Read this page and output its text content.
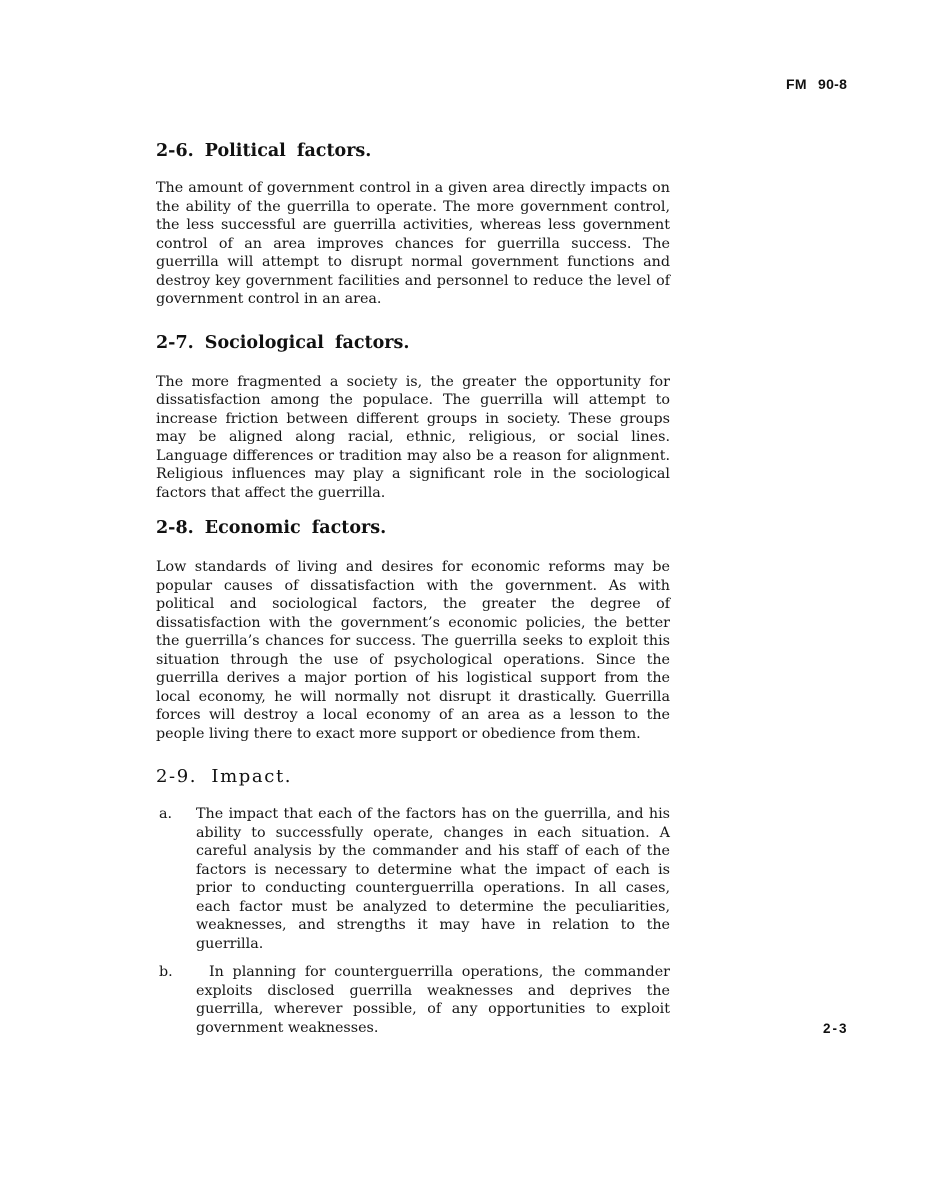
FM 90-8
2-6. Political factors.

The amount of government control in a given area directly impacts on the ability of the guerrilla to operate. The more government control, the less successful are guerrilla activities, whereas less government control of an area improves chances for guerrilla success. The guerrilla will attempt to disrupt normal government functions and destroy key government facilities and personnel to reduce the level of government control in an area.

2-7. Sociological factors.

The more fragmented a society is, the greater the opportunity for dissatisfaction among the populace. The guerrilla will attempt to increase friction between different groups in society. These groups may be aligned along racial, ethnic, religious, or social lines. Language differences or tradition may also be a reason for alignment. Religious influences may play a significant role in the sociological factors that affect the guerrilla.

2-8. Economic factors.

Low standards of living and desires for economic reforms may be popular causes of dissatisfaction with the government. As with political and sociological factors, the greater the degree of dissatisfaction with the government’s economic policies, the better the guerrilla’s chances for success. The guerrilla seeks to exploit this situation through the use of psychological operations. Since the guerrilla derives a major portion of his logistical support from the local economy, he will normally not disrupt it drastically. Guerrilla forces will destroy a local economy of an area as a lesson to the people living there to exact more support or obedience from them.

2-9. Impact.
a.	The impact that each of the factors has on the guerrilla, and his ability to successfully operate, changes in each situation. A careful analysis by the commander and his staff of each of the factors is necessary to determine what the impact of each is prior to conducting counterguerrilla operations. In all cases, each factor must be analyzed to determine the peculiarities, weaknesses, and strengths it may have in relation to the guerrilla.

b.	In planning for counterguerrilla operations, the commander exploits disclosed guerrilla weaknesses and deprives the guerrilla, wherever possible, of any opportunities to exploit government weaknesses.	2-3
